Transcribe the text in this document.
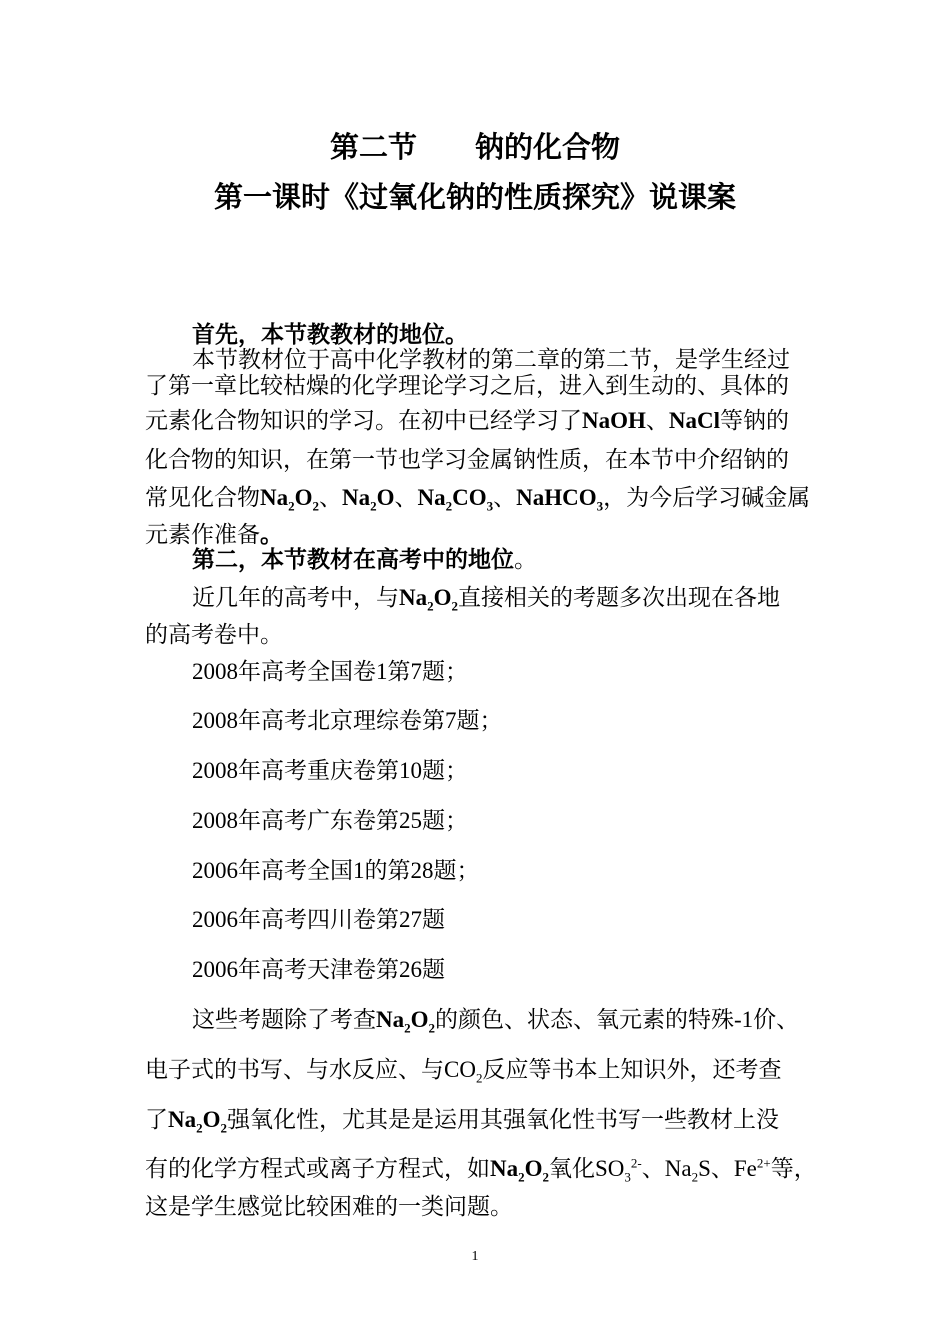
第二节　　钠的化合物
第一课时《过氧化钠的性质探究》说课案
首先，本节教教材的地位。
本节教材位于高中化学教材的第二章的第二节，是学生经过
了第一章比较枯燥的化学理论学习之后，进入到生动的、具体的
元素化合物知识的学习。在初中已经学习了NaOH、NaCl等钠的
化合物的知识，在第一节也学习金属钠性质，在本节中介绍钠的
常见化合物$Na_2O_2$、$Na_2O$、$Na_2CO_3$、NaHCO$_3$，为今后学习碱金属
元素作准备。
第二，本节教材在高考中的地位。
近几年的高考中，与$Na_2O_2$直接相关的考题多次出现在各地
的高考卷中。
2008年高考全国卷1第7题；
2008年高考北京理综卷第7题；
2008年高考重庆卷第10题；
2008年高考广东卷第25题；
2006年高考全国1的第28题；
2006年高考四川卷第27题
2006年高考天津卷第26题
这些考题除了考查$Na_2O_2$的颜色、状态、氧元素的特殊-1价、
电子式的书写、与水反应、与$CO_2$反应等书本上知识外，还考查
了$Na_2O_2$强氧化性，尤其是是运用其强氧化性书写一些教材上没
有的化学方程式或离子方程式，如$Na_2O_2$氧化$SO_3^{2-}$、$Na_2S$、$Fe^{2+}$等，
这是学生感觉比较困难的一类问题。
1
